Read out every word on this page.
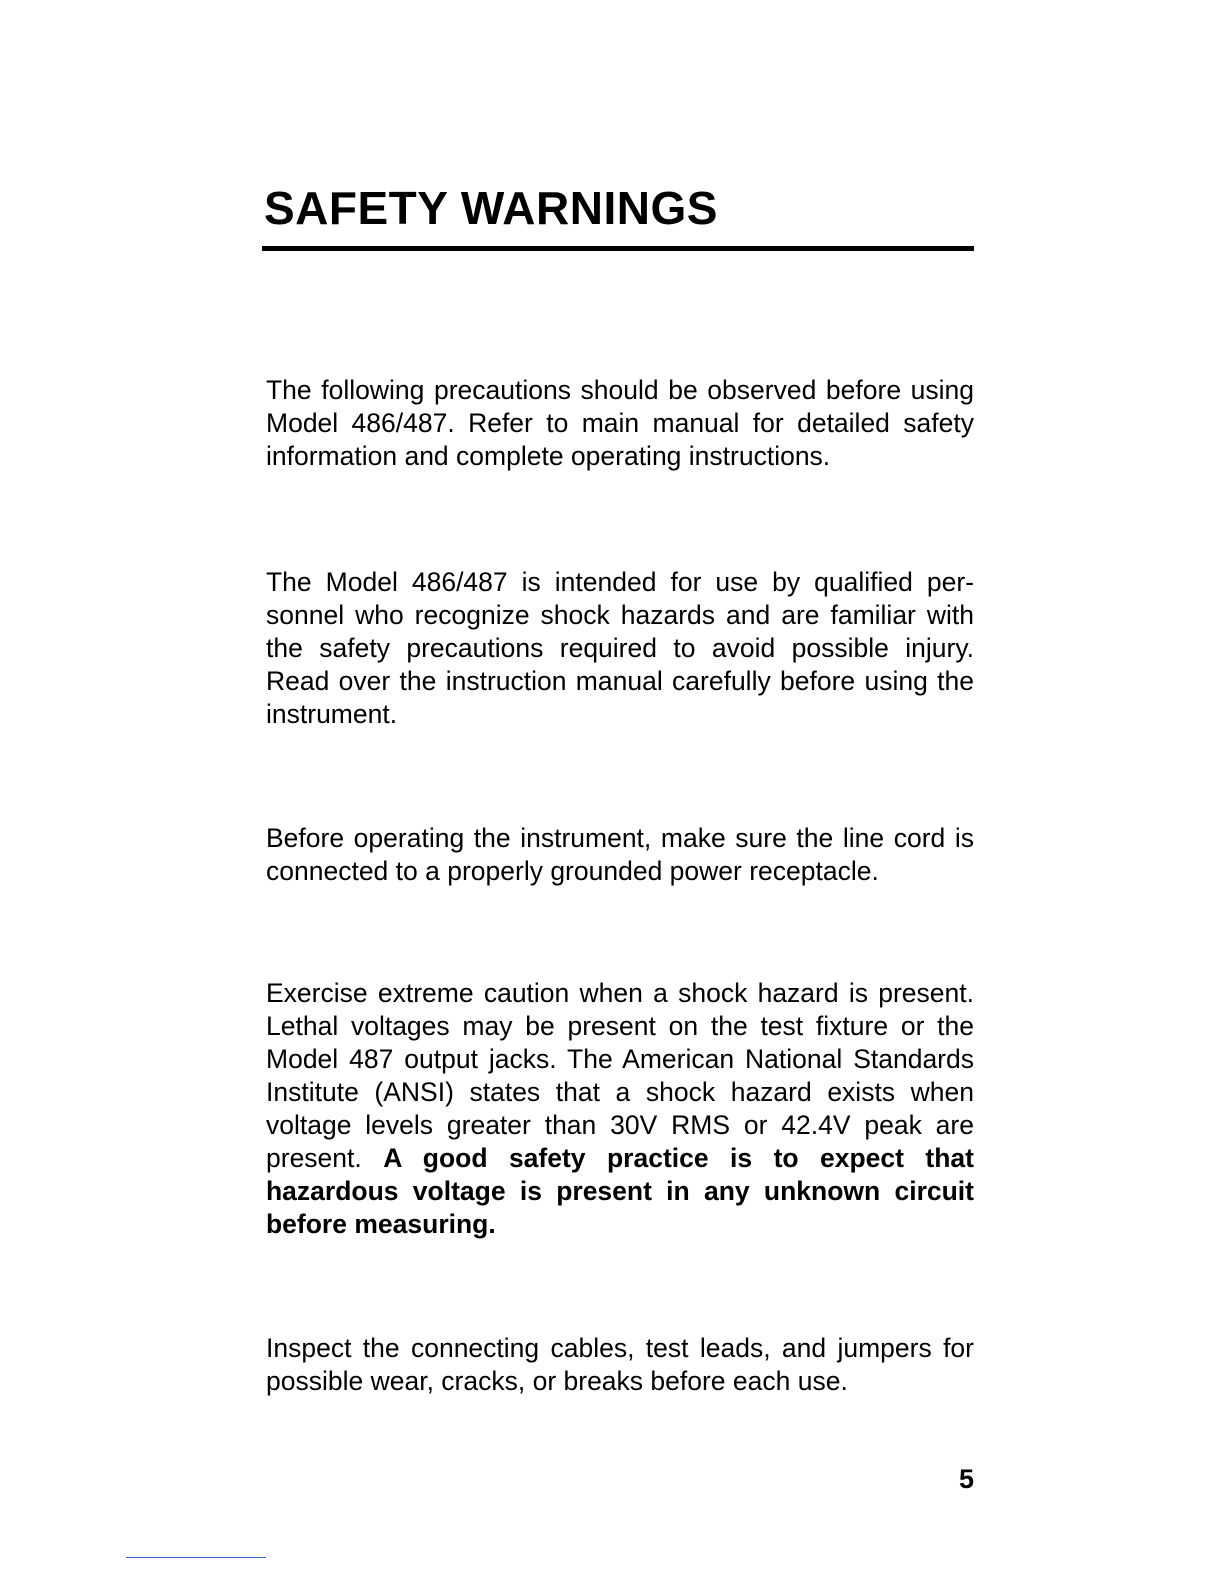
SAFETY WARNINGS

The following precautions should be observed before using Model 486/487. Refer to main manual for detailed safety information and complete operating instructions.

The Model 486/487 is intended for use by qualified personnel who recognize shock hazards and are familiar with the safety precautions required to avoid possible injury. Read over the instruction manual carefully before using the instrument.

Before operating the instrument, make sure the line cord is connected to a properly grounded power receptacle.

Exercise extreme caution when a shock hazard is present. Lethal voltages may be present on the test fixture or the Model 487 output jacks. The American National Standards Institute (ANSI) states that a shock hazard exists when voltage levels greater than 30V RMS or 42.4V peak are present. A good safety practice is to expect that hazardous voltage is present in any unknown circuit before measuring.

Inspect the connecting cables, test leads, and jumpers for possible wear, cracks, or breaks before each use.

5
